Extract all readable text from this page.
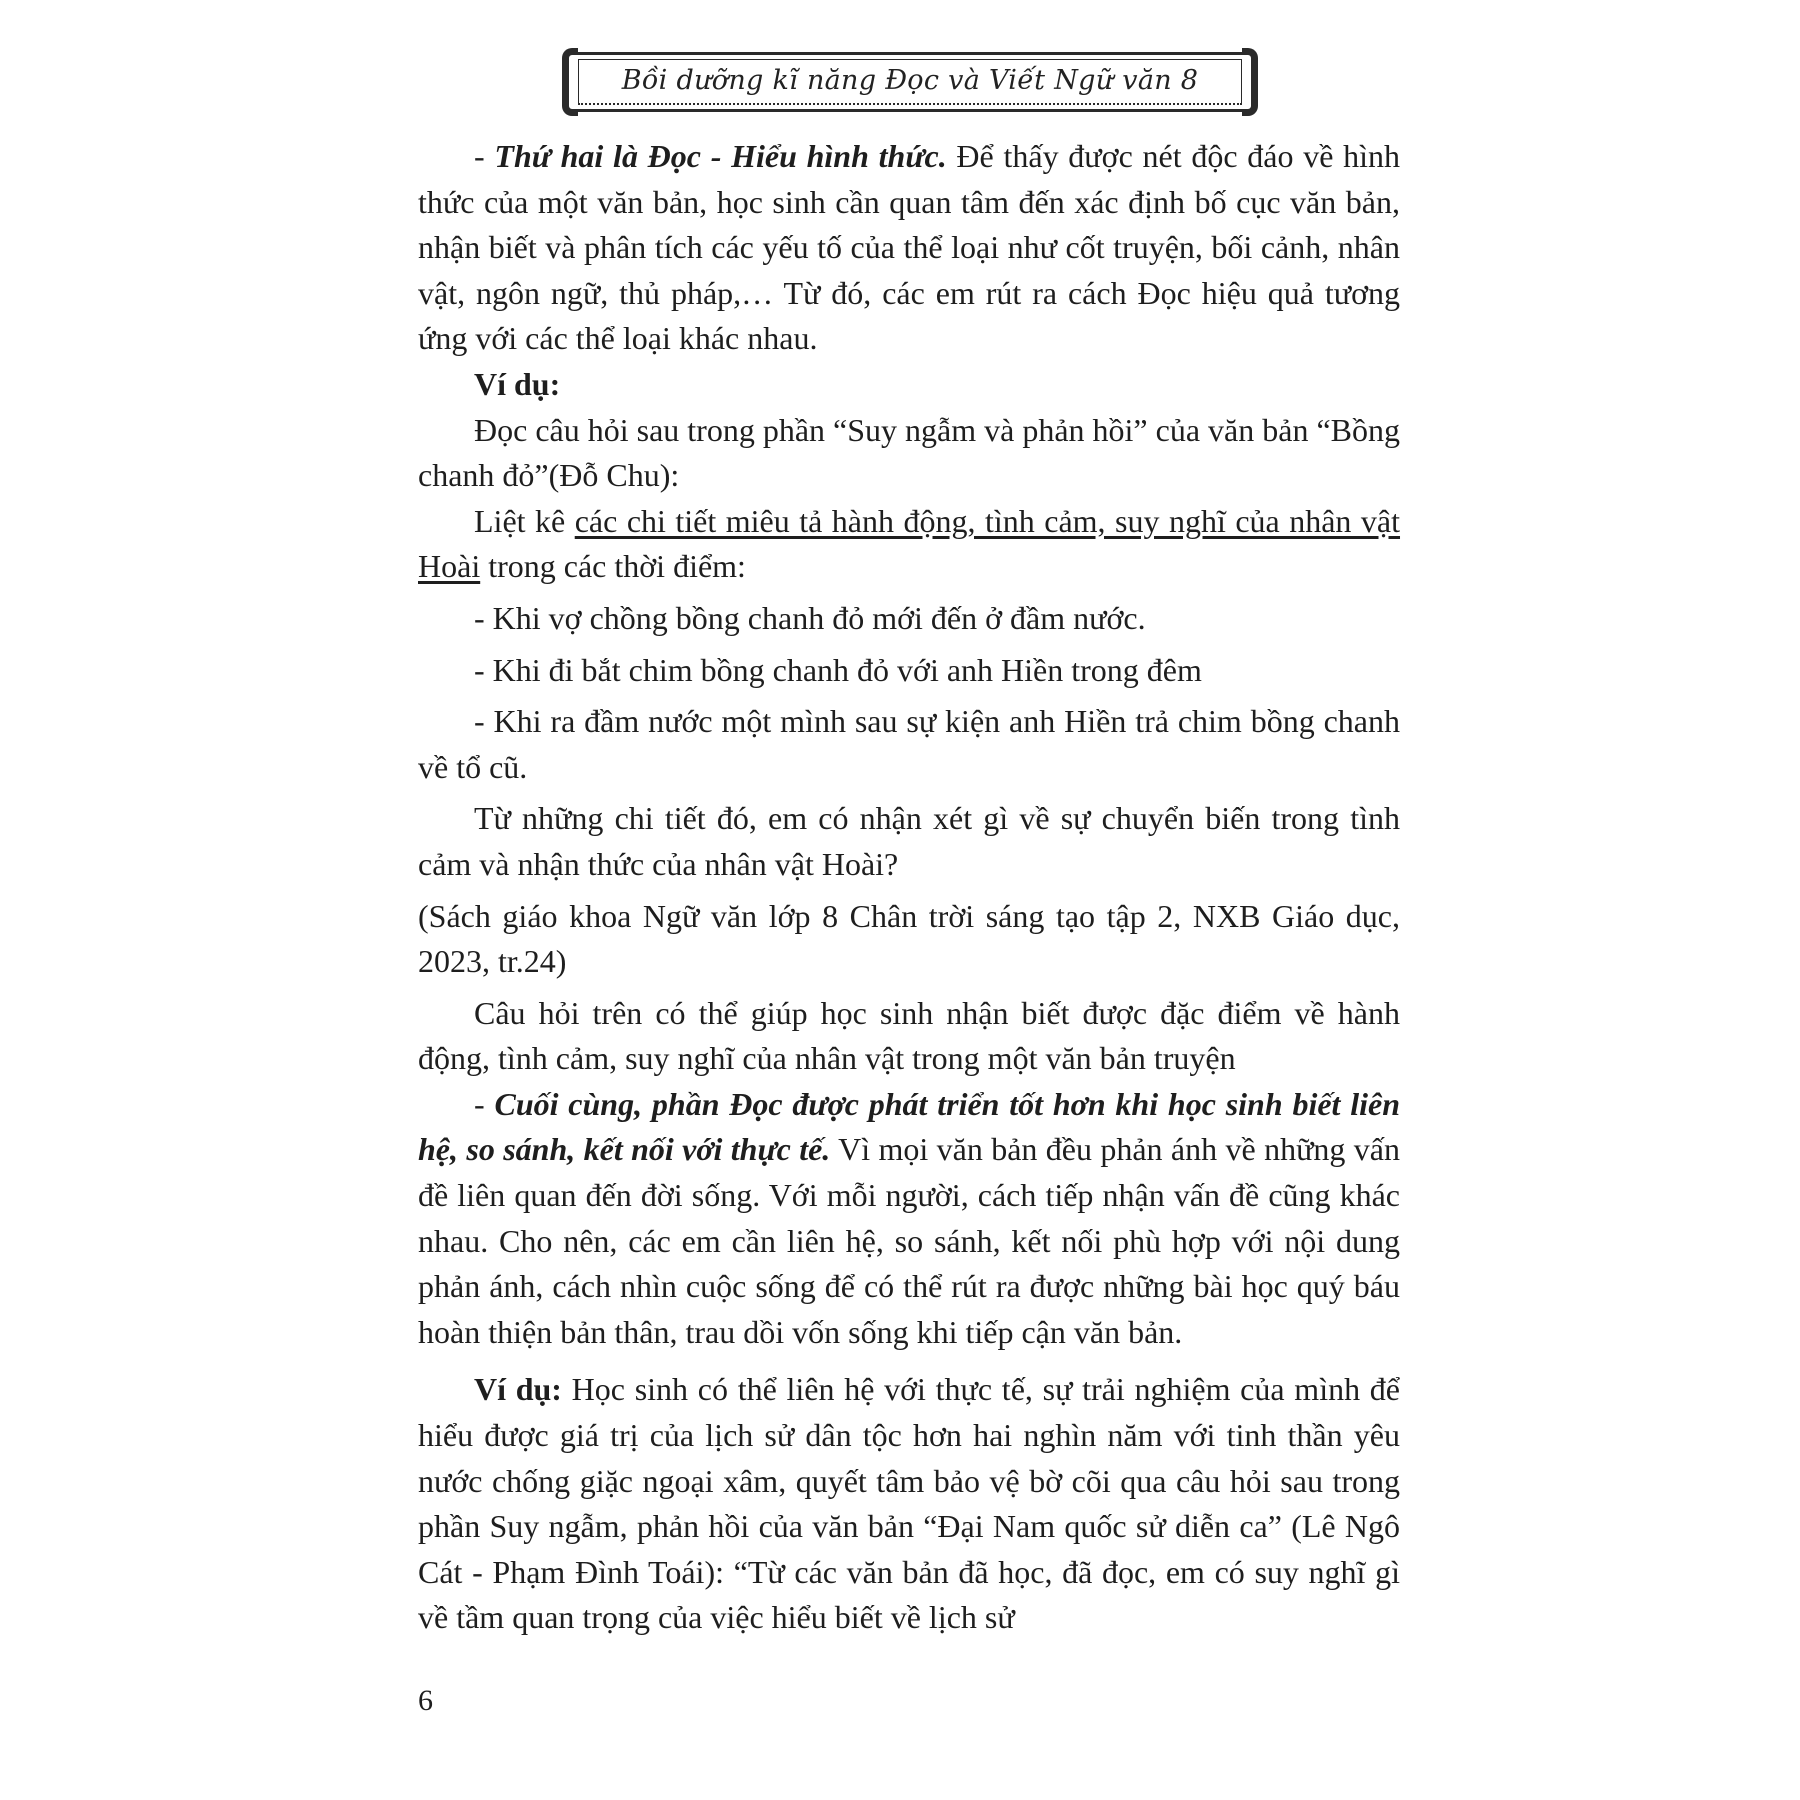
Bồi dưỡng kĩ năng Đọc và Viết Ngữ văn 8

- Thứ hai là Đọc - Hiểu hình thức. Để thấy được nét độc đáo về hình thức của một văn bản, học sinh cần quan tâm đến xác định bố cục văn bản, nhận biết và phân tích các yếu tố của thể loại như cốt truyện, bối cảnh, nhân vật, ngôn ngữ, thủ pháp,… Từ đó, các em rút ra cách Đọc hiệu quả tương ứng với các thể loại khác nhau.

Ví dụ:

Đọc câu hỏi sau trong phần “Suy ngẫm và phản hồi” của văn bản “Bồng chanh đỏ”(Đỗ Chu):

Liệt kê các chi tiết miêu tả hành động, tình cảm, suy nghĩ của nhân vật Hoài trong các thời điểm:

- Khi vợ chồng bồng chanh đỏ mới đến ở đầm nước.

- Khi đi bắt chim bồng chanh đỏ với anh Hiền trong đêm

- Khi ra đầm nước một mình sau sự kiện anh Hiền trả chim bồng chanh về tổ cũ.

Từ những chi tiết đó, em có nhận xét gì về sự chuyển biến trong tình cảm và nhận thức của nhân vật Hoài?

(Sách giáo khoa Ngữ văn lớp 8 Chân trời sáng tạo tập 2, NXB Giáo dục, 2023, tr.24)

Câu hỏi trên có thể giúp học sinh nhận biết được đặc điểm về hành động, tình cảm, suy nghĩ của nhân vật trong một văn bản truyện

- Cuối cùng, phần Đọc được phát triển tốt hơn khi học sinh biết liên hệ, so sánh, kết nối với thực tế. Vì mọi văn bản đều phản ánh về những vấn đề liên quan đến đời sống. Với mỗi người, cách tiếp nhận vấn đề cũng khác nhau. Cho nên, các em cần liên hệ, so sánh, kết nối phù hợp với nội dung phản ánh, cách nhìn cuộc sống để có thể rút ra được những bài học quý báu hoàn thiện bản thân, trau dồi vốn sống khi tiếp cận văn bản.

Ví dụ: Học sinh có thể liên hệ với thực tế, sự trải nghiệm của mình để hiểu được giá trị của lịch sử dân tộc hơn hai nghìn năm với tinh thần yêu nước chống giặc ngoại xâm, quyết tâm bảo vệ bờ cõi qua câu hỏi sau trong phần Suy ngẫm, phản hồi của văn bản “Đại Nam quốc sử diễn ca” (Lê Ngô Cát - Phạm Đình Toái): “Từ các văn bản đã học, đã đọc, em có suy nghĩ gì về tầm quan trọng của việc hiểu biết về lịch sử

6
